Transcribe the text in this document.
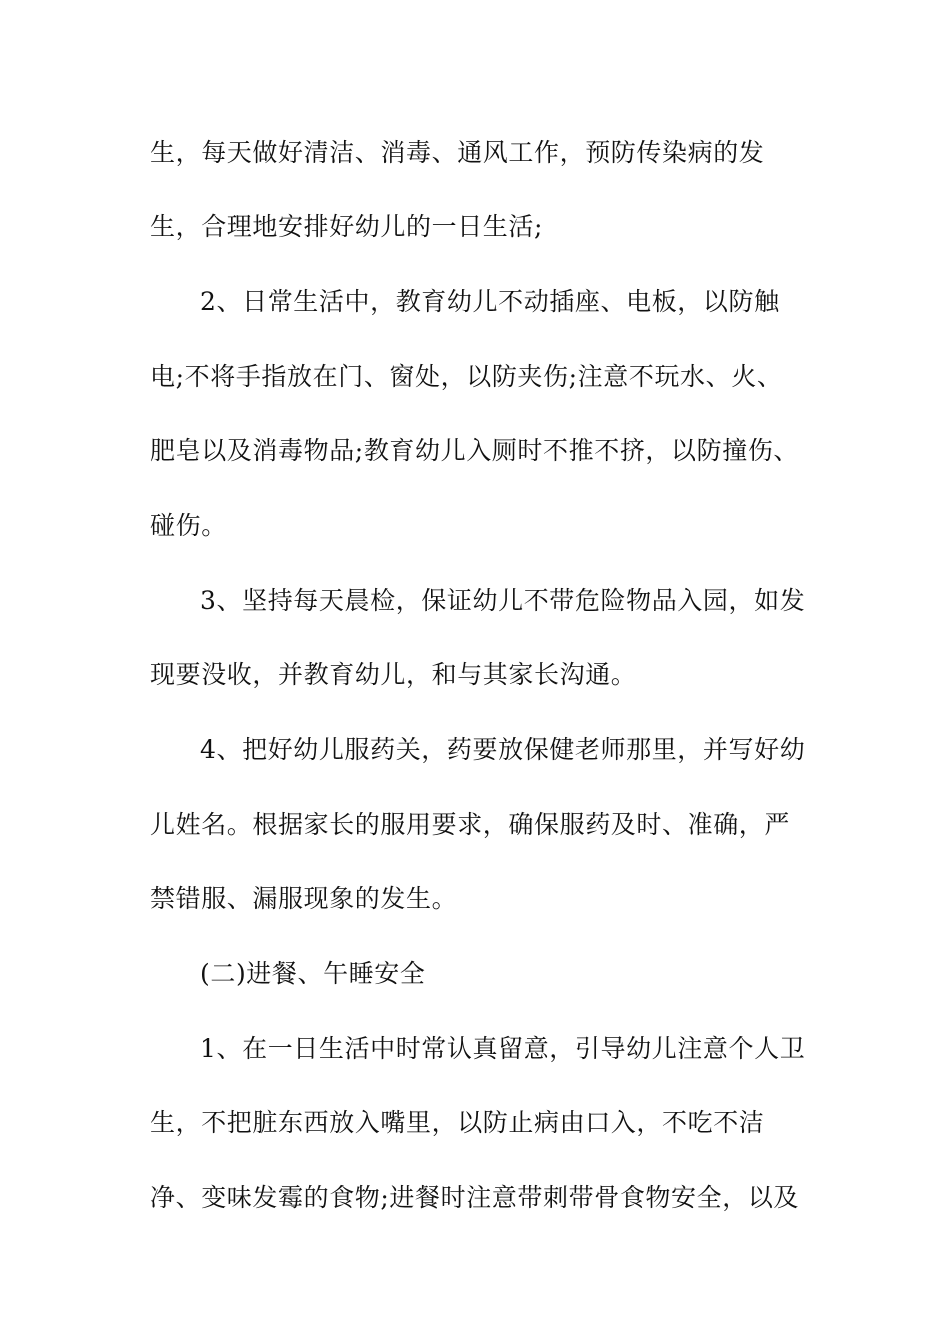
生，每天做好清洁、消毒、通风工作，预防传染病的发
生，合理地安排好幼儿的一日生活;
2、日常生活中，教育幼儿不动插座、电板，以防触
电;不将手指放在门、窗处，以防夹伤;注意不玩水、火、
肥皂以及消毒物品;教育幼儿入厕时不推不挤，以防撞伤、
碰伤。
3、坚持每天晨检，保证幼儿不带危险物品入园，如发
现要没收，并教育幼儿，和与其家长沟通。
4、把好幼儿服药关，药要放保健老师那里，并写好幼
儿姓名。根据家长的服用要求，确保服药及时、准确，严
禁错服、漏服现象的发生。
(二)进餐、午睡安全
1、在一日生活中时常认真留意，引导幼儿注意个人卫
生，不把脏东西放入嘴里，以防止病由口入，不吃不洁
净、变味发霉的食物;进餐时注意带刺带骨食物安全，以及
